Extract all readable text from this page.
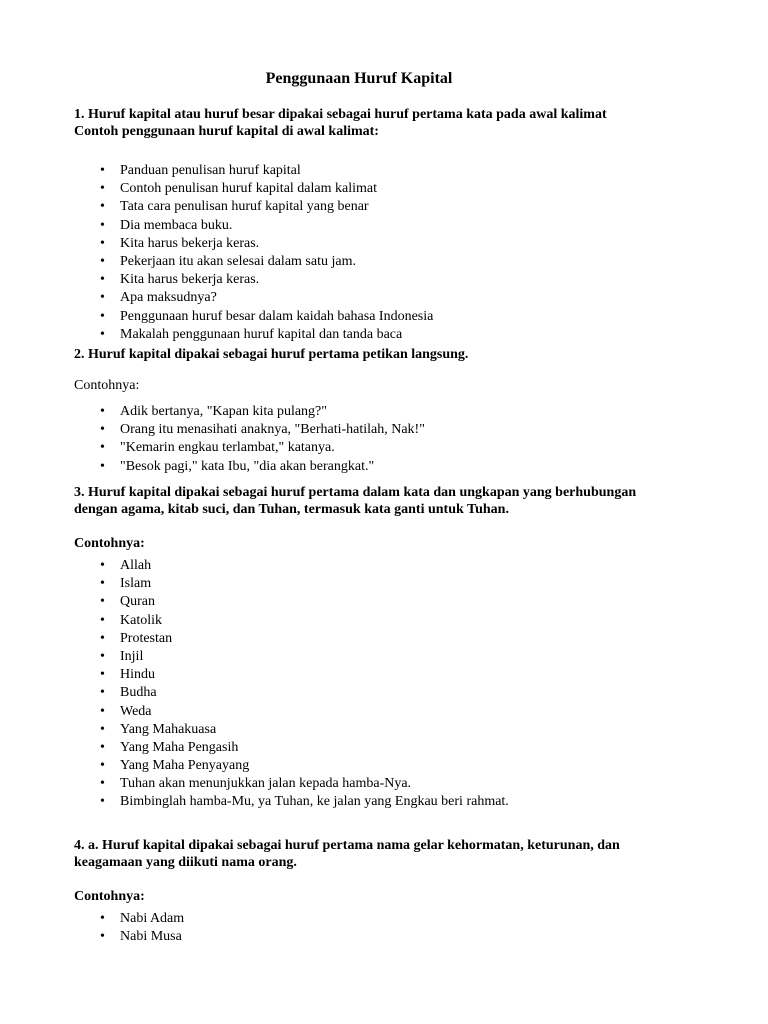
Penggunaan Huruf Kapital

1. Huruf kapital atau huruf besar dipakai sebagai huruf pertama kata pada awal kalimat

Contoh penggunaan huruf kapital di awal kalimat:

• Panduan penulisan huruf kapital
• Contoh penulisan huruf kapital dalam kalimat
• Tata cara penulisan huruf kapital yang benar
• Dia membaca buku.
• Kita harus bekerja keras.
• Pekerjaan itu akan selesai dalam satu jam.
• Kita harus bekerja keras.
• Apa maksudnya?
• Penggunaan huruf besar dalam kaidah bahasa Indonesia
• Makalah penggunaan huruf kapital dan tanda baca

2. Huruf kapital dipakai sebagai huruf pertama petikan langsung.

Contohnya:

• Adik bertanya, "Kapan kita pulang?"
• Orang itu menasihati anaknya, "Berhati-hatilah, Nak!"
• "Kemarin engkau terlambat," katanya.
• "Besok pagi," kata Ibu, "dia akan berangkat."

3. Huruf kapital dipakai sebagai huruf pertama dalam kata dan ungkapan yang berhubungan

dengan agama, kitab suci, dan Tuhan, termasuk kata ganti untuk Tuhan.

Contohnya:

• Allah
• Islam
• Quran
• Katolik
• Protestan
• Injil
• Hindu
• Budha
• Weda
• Yang Mahakuasa
• Yang Maha Pengasih
• Yang Maha Penyayang
• Tuhan akan menunjukkan jalan kepada hamba-Nya.
• Bimbinglah hamba-Mu, ya Tuhan, ke jalan yang Engkau beri rahmat.

4. a. Huruf kapital dipakai sebagai huruf pertama nama gelar kehormatan, keturunan, dan

keagamaan yang diikuti nama orang.

Contohnya:

• Nabi Adam
• Nabi Musa
